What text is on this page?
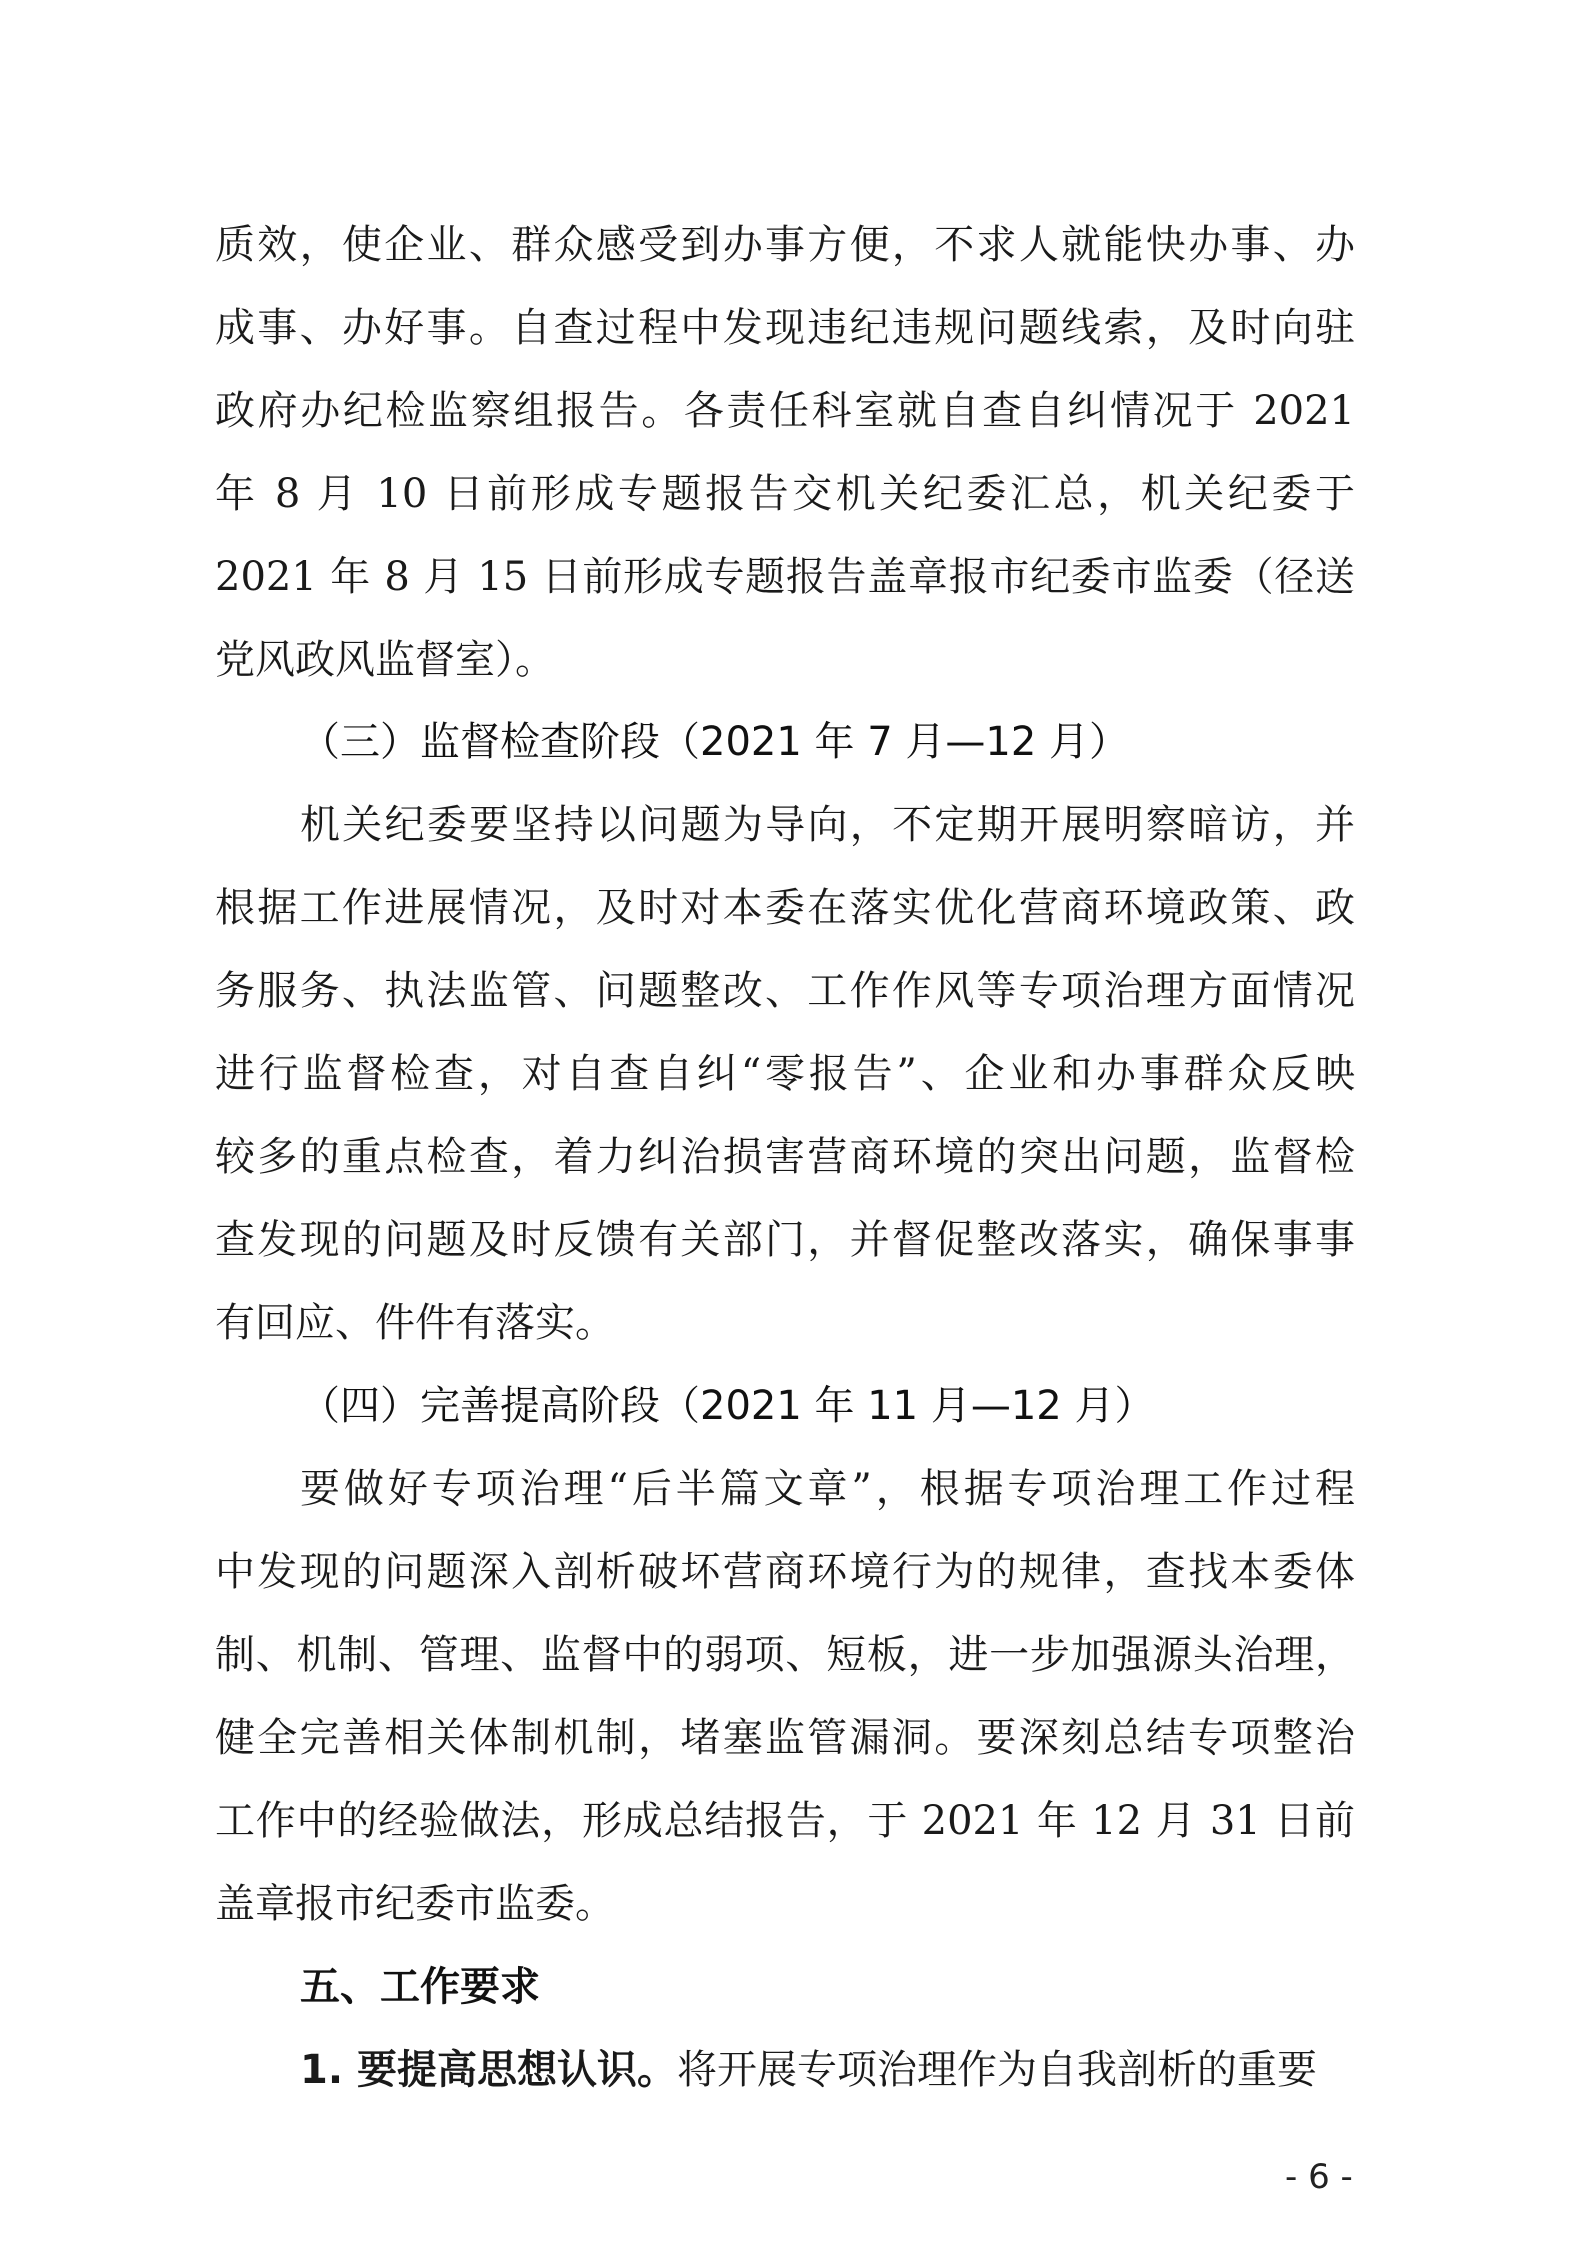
质效，使企业、群众感受到办事方便，不求人就能快办事、办
成事、办好事。自查过程中发现违纪违规问题线索，及时向驻
政府办纪检监察组报告。各责任科室就自查自纠情况于 2021
年 8 月 10 日前形成专题报告交机关纪委汇总，机关纪委于
2021 年 8 月 15 日前形成专题报告盖章报市纪委市监委（径送
党风政风监督室）。
（三）监督检查阶段（2021 年 7 月—12 月）
机关纪委要坚持以问题为导向，不定期开展明察暗访，并
根据工作进展情况，及时对本委在落实优化营商环境政策、政
务服务、执法监管、问题整改、工作作风等专项治理方面情况
进行监督检查，对自查自纠“零报告”、企业和办事群众反映
较多的重点检查，着力纠治损害营商环境的突出问题，监督检
查发现的问题及时反馈有关部门，并督促整改落实，确保事事
有回应、件件有落实。
（四）完善提高阶段（2021 年 11 月—12 月）
要做好专项治理“后半篇文章”，根据专项治理工作过程
中发现的问题深入剖析破坏营商环境行为的规律，查找本委体
制、机制、管理、监督中的弱项、短板，进一步加强源头治理，
健全完善相关体制机制，堵塞监管漏洞。要深刻总结专项整治
工作中的经验做法，形成总结报告，于 2021 年 12 月 31 日前
盖章报市纪委市监委。
五、工作要求
1. 要提高思想认识。将开展专项治理作为自我剖析的重要
- 6 -
